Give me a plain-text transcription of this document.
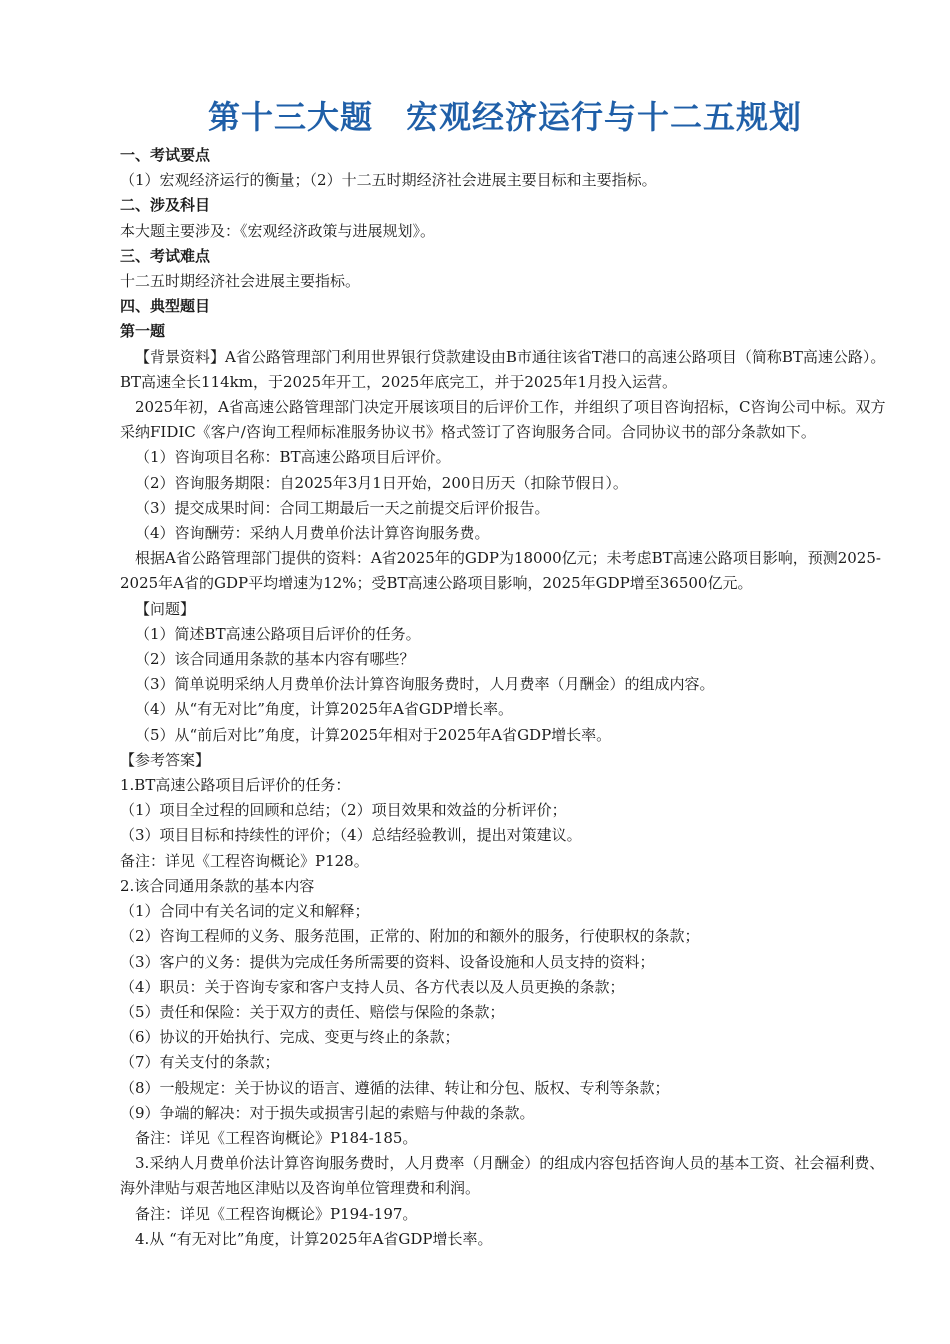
第十三大题　宏观经济运行与十二五规划

一、考试要点

（1）宏观经济运行的衡量；（2）十二五时期经济社会进展主要目标和主要指标。

二、涉及科目

本大题主要涉及：《宏观经济政策与进展规划》。

三、考试难点

十二五时期经济社会进展主要指标。

四、典型题目

第一题

【背景资料】A省公路管理部门利用世界银行贷款建设由B市通往该省T港口的高速公路项目（简称BT高速公路）。BT高速全长114km，于2025年开工，2025年底完工，并于2025年1月投入运营。

2025年初，A省高速公路管理部门决定开展该项目的后评价工作，并组织了项目咨询招标，C咨询公司中标。双方采纳FIDIC《客户/咨询工程师标准服务协议书》格式签订了咨询服务合同。合同协议书的部分条款如下。

（1）咨询项目名称：BT高速公路项目后评价。

（2）咨询服务期限：自2025年3月1日开始，200日历天（扣除节假日）。

（3）提交成果时间：合同工期最后一天之前提交后评价报告。

（4）咨询酬劳：采纳人月费单价法计算咨询服务费。

根据A省公路管理部门提供的资料：A省2025年的GDP为18000亿元；未考虑BT高速公路项目影响，预测2025-2025年A省的GDP平均增速为12%；受BT高速公路项目影响，2025年GDP增至36500亿元。

【问题】

（1）简述BT高速公路项目后评价的任务。

（2）该合同通用条款的基本内容有哪些？

（3）简单说明采纳人月费单价法计算咨询服务费时，人月费率（月酬金）的组成内容。

（4）从“有无对比”角度，计算2025年A省GDP增长率。

（5）从“前后对比”角度，计算2025年相对于2025年A省GDP增长率。

【参考答案】

1.BT高速公路项目后评价的任务：

（1）项目全过程的回顾和总结；（2）项目效果和效益的分析评价；

（3）项目目标和持续性的评价；（4）总结经验教训，提出对策建议。

备注：详见《工程咨询概论》P128。

2.该合同通用条款的基本内容

（1）合同中有关名词的定义和解释；

（2）咨询工程师的义务、服务范围，正常的、附加的和额外的服务，行使职权的条款；

（3）客户的义务：提供为完成任务所需要的资料、设备设施和人员支持的资料；

（4）职员：关于咨询专家和客户支持人员、各方代表以及人员更换的条款；

（5）责任和保险：关于双方的责任、赔偿与保险的条款；

（6）协议的开始执行、完成、变更与终止的条款；

（7）有关支付的条款；

（8）一般规定：关于协议的语言、遵循的法律、转让和分包、版权、专利等条款；

（9）争端的解决：对于损失或损害引起的索赔与仲裁的条款。

备注：详见《工程咨询概论》P184-185。

3.采纳人月费单价法计算咨询服务费时，人月费率（月酬金）的组成内容包括咨询人员的基本工资、社会福利费、海外津贴与艰苦地区津贴以及咨询单位管理费和利润。

备注：详见《工程咨询概论》P194-197。

4.从 “有无对比”角度，计算2025年A省GDP增长率。
